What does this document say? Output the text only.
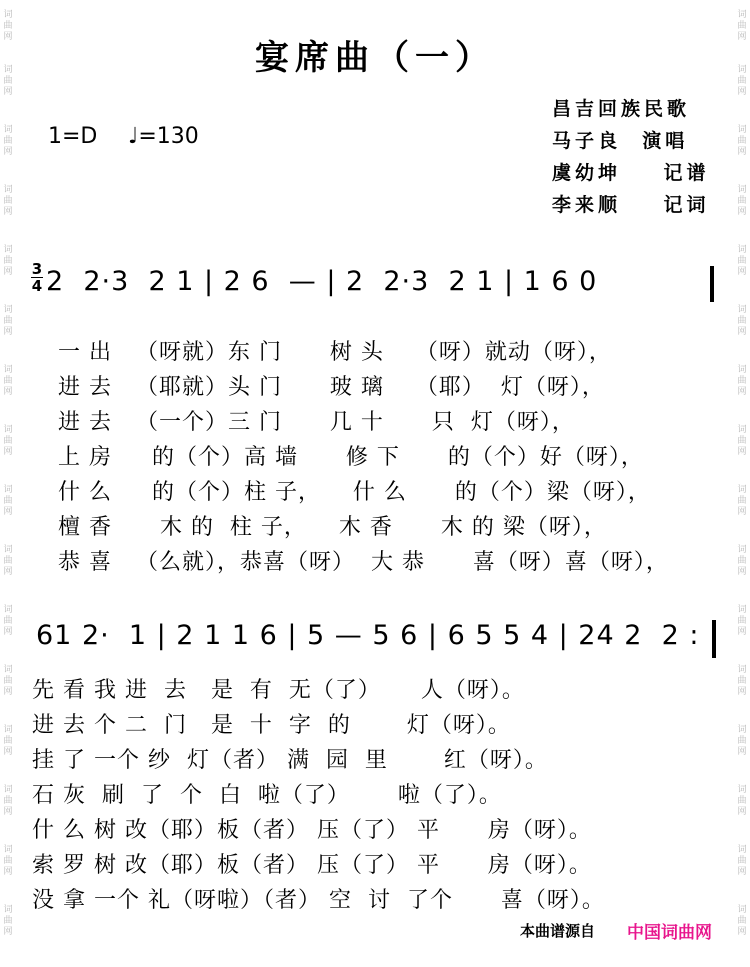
词
曲
网
词
曲
网
词
曲
网
词
曲
网
词
曲
网
词
曲
网
词
曲
网
词
曲
网
词
曲
网
词
曲
网
词
曲
网
词
曲
网
词
曲
网
词
曲
网
词
曲
网
词
曲
网
词
曲
网
词
曲
网
词
曲
网
词
曲
网
词
曲
网
词
曲
网
词
曲
网
词
曲
网
词
曲
网
词
曲
网
词
曲
网
词
曲
网
词
曲
网
词
曲
网
词
曲
网
词
曲
网
宴席曲（一）
1=D ♩=130
昌吉回族民歌
马子良  演唱
虞幼坤    记谱
李来顺    记词
3
4 2  2·3  2 1 | 2 6  — | 2  2·3  2 1 | 1 6 0
一 出   （呀就）东 门      树 头    （呀）就动（呀），
进 去   （耶就）头 门      玻 璃    （耶）  灯（呀），
进 去   （一个）三 门      几 十      只  灯（呀），
上 房     的（个）高 墙      修 下      的（个）好（呀），
什 么     的（个）柱 子，    什 么      的（个）梁（呀），
檀 香      木 的  柱 子，    木 香      木 的 梁（呀），
恭 喜   （么就），恭喜（呀）  大 恭      喜（呀）喜（呀），
61 2·  1 | 2 1 1 6 | 5 — 5 6 | 6 5 5 4 | 24 2  2 :
先 看 我 进  去   是  有  无（了）     人（呀）。
进 去 个 二  门   是  十  字  的       灯（呀）。
挂 了 一个 纱  灯（者） 满  园  里       红（呀）。
石 灰  刷  了  个  白  啦（了）      啦（了）。
什 么 树 改（耶）板（者） 压（了） 平      房（呀）。
索 罗 树 改（耶）板（者） 压（了） 平      房（呀）。
没 拿 一个 礼（呀啦）（者） 空  讨  了个      喜（呀）。
本曲谱源自 中国词曲网
